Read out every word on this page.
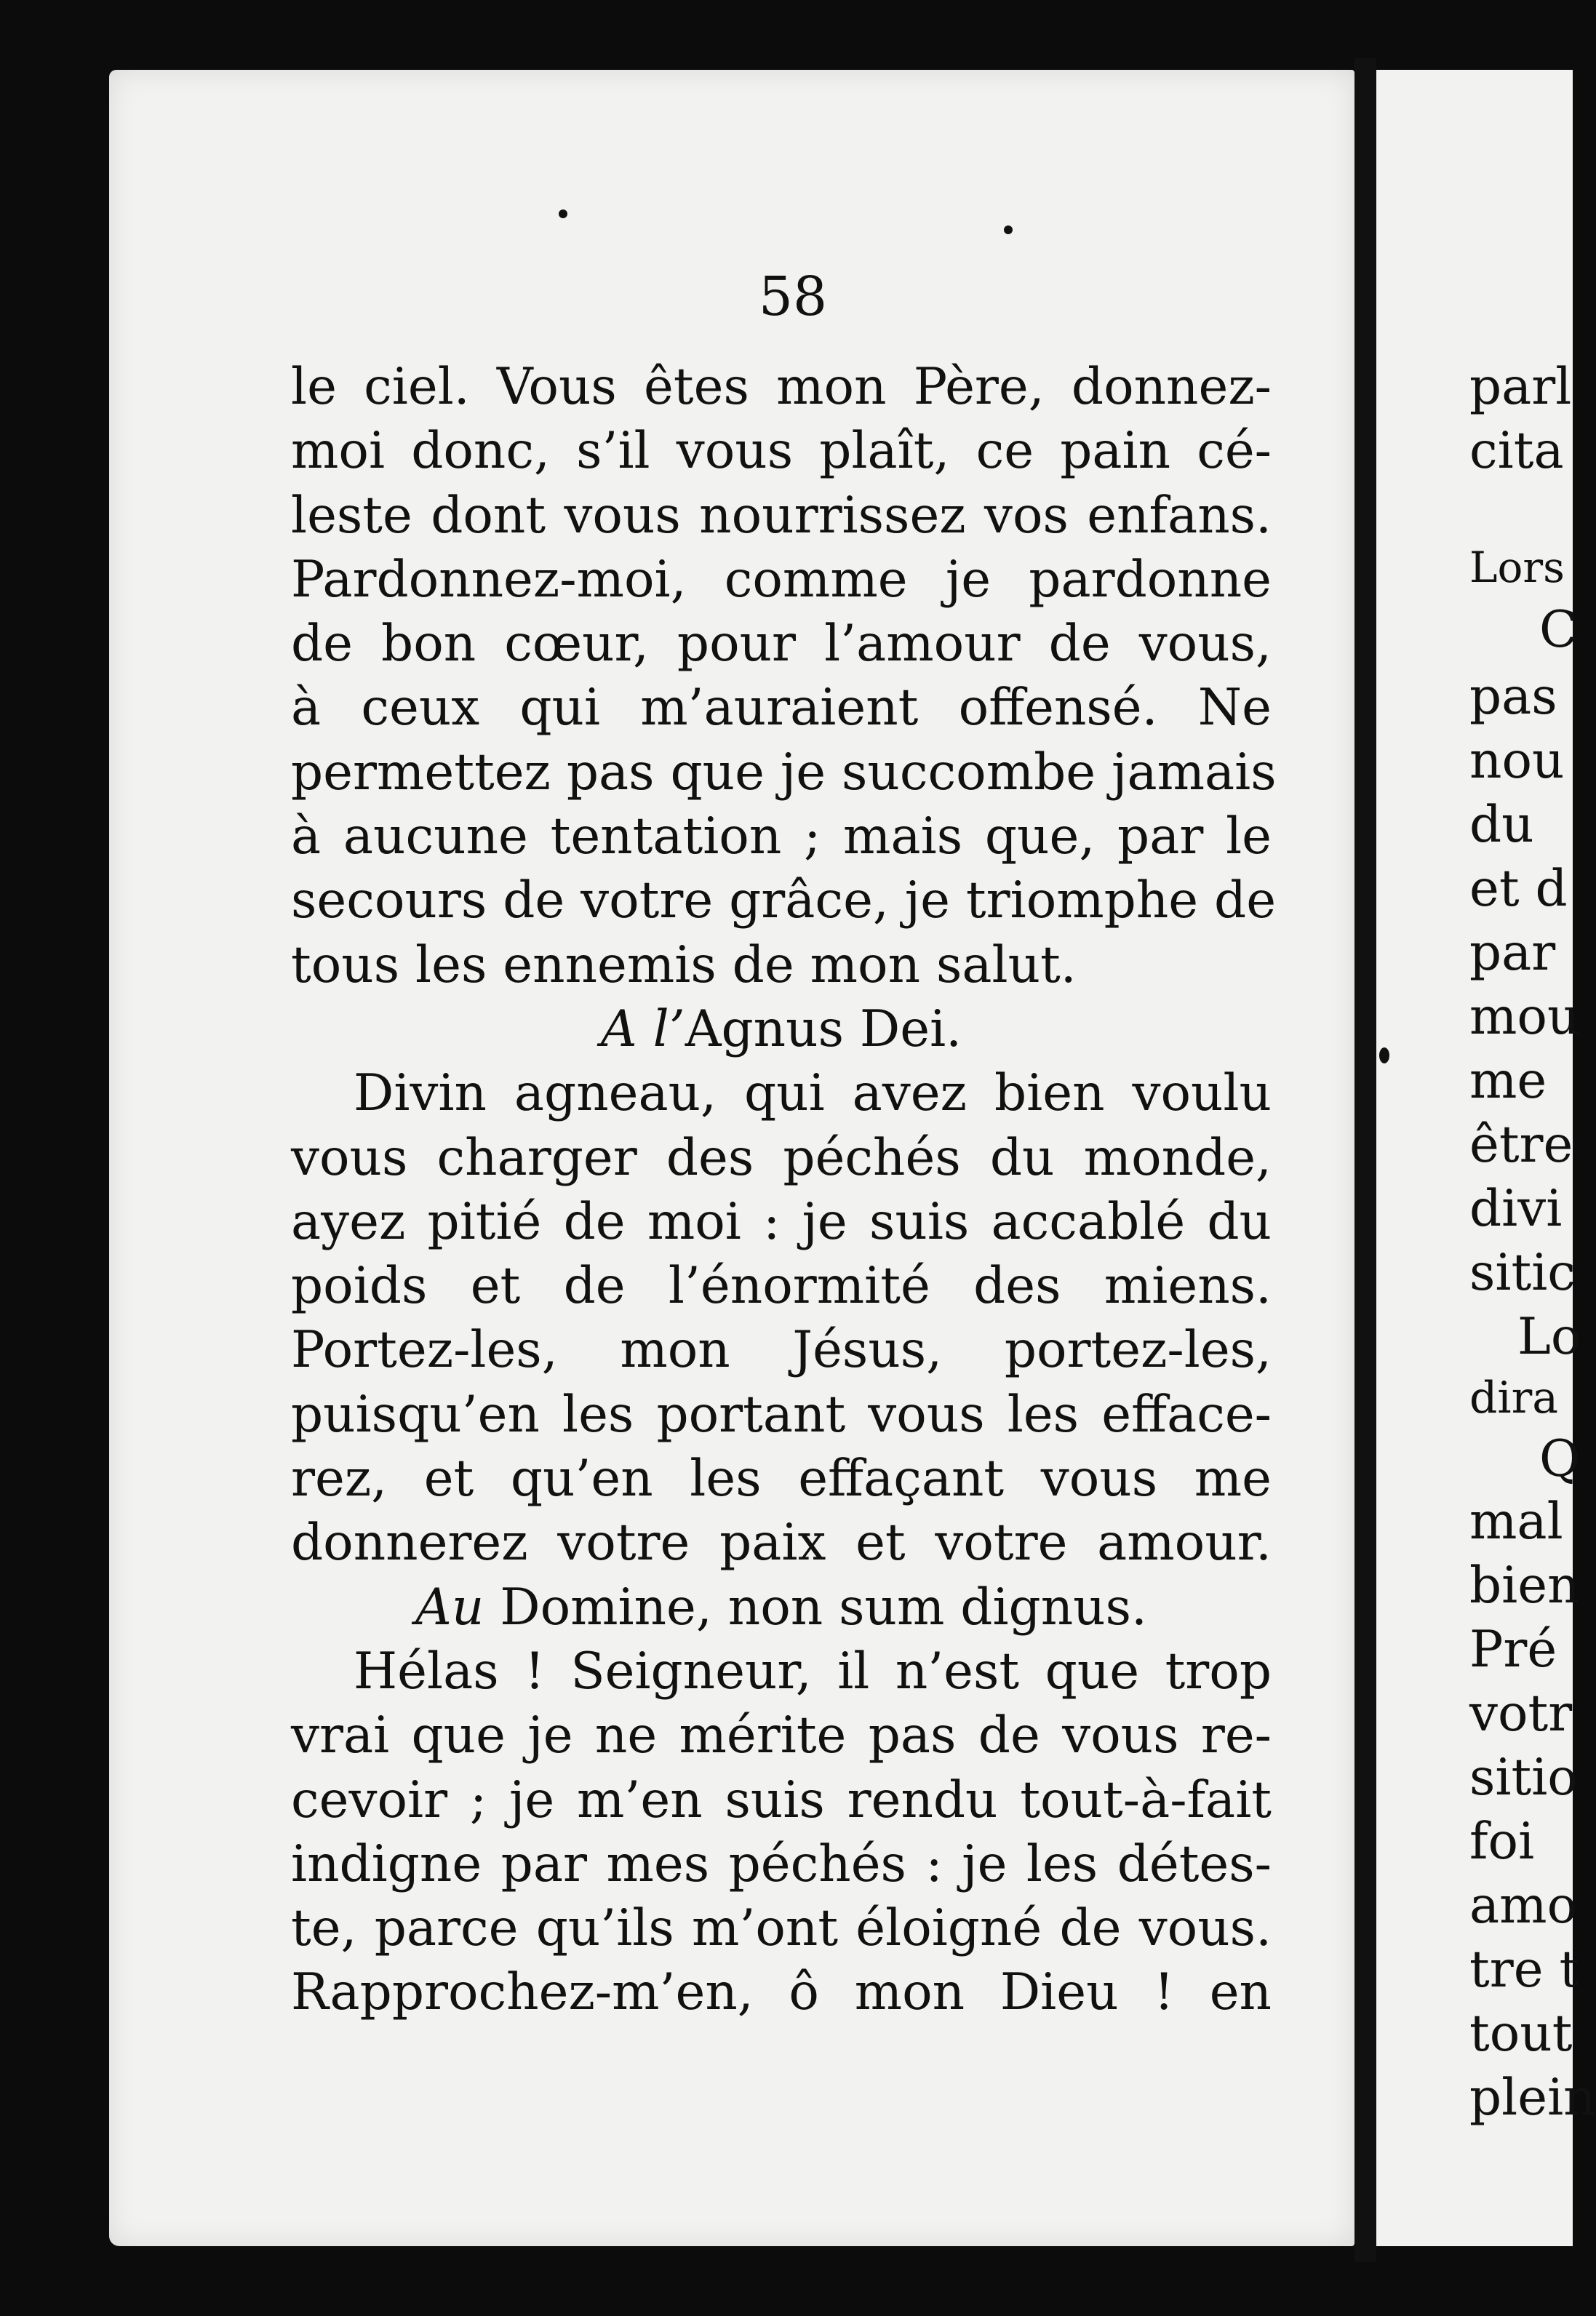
58
le ciel. Vous êtes mon Père, donnez-
moi donc, s’il vous plaît, ce pain cé-
leste dont vous nourrissez vos enfans.
Pardonnez-moi, comme je pardonne
de bon cœur, pour l’amour de vous,
à ceux qui m’auraient offensé. Ne
permettez pas que je succombe jamais
à aucune tentation ; mais que, par le
secours de votre grâce, je triomphe de
tous les ennemis de mon salut.
A l’Agnus Dei.
Divin agneau, qui avez bien voulu
vous charger des péchés du monde,
ayez pitié de moi : je suis accablé du
poids et de l’énormité des miens.
Portez-les, mon Jésus, portez-les,
puisqu’en les portant vous les efface-
rez, et qu’en les effaçant vous me
donnerez votre paix et votre amour.
Au Domine, non sum dignus.
Hélas ! Seigneur, il n’est que trop
vrai que je ne mérite pas de vous re-
cevoir ; je m’en suis rendu tout-à-fait
indigne par mes péchés : je les détes-
te, parce qu’ils m’ont éloigné de vous.
Rapprochez-m’en, ô mon Dieu ! en
parl
cita
Lors
C
pas
nou
du
et d
par
mou
me
être
divi
sitic
Lo
dira
Q
mal
bien
Pré
votr
sitio
foi
amo
tre t
tout
plein
